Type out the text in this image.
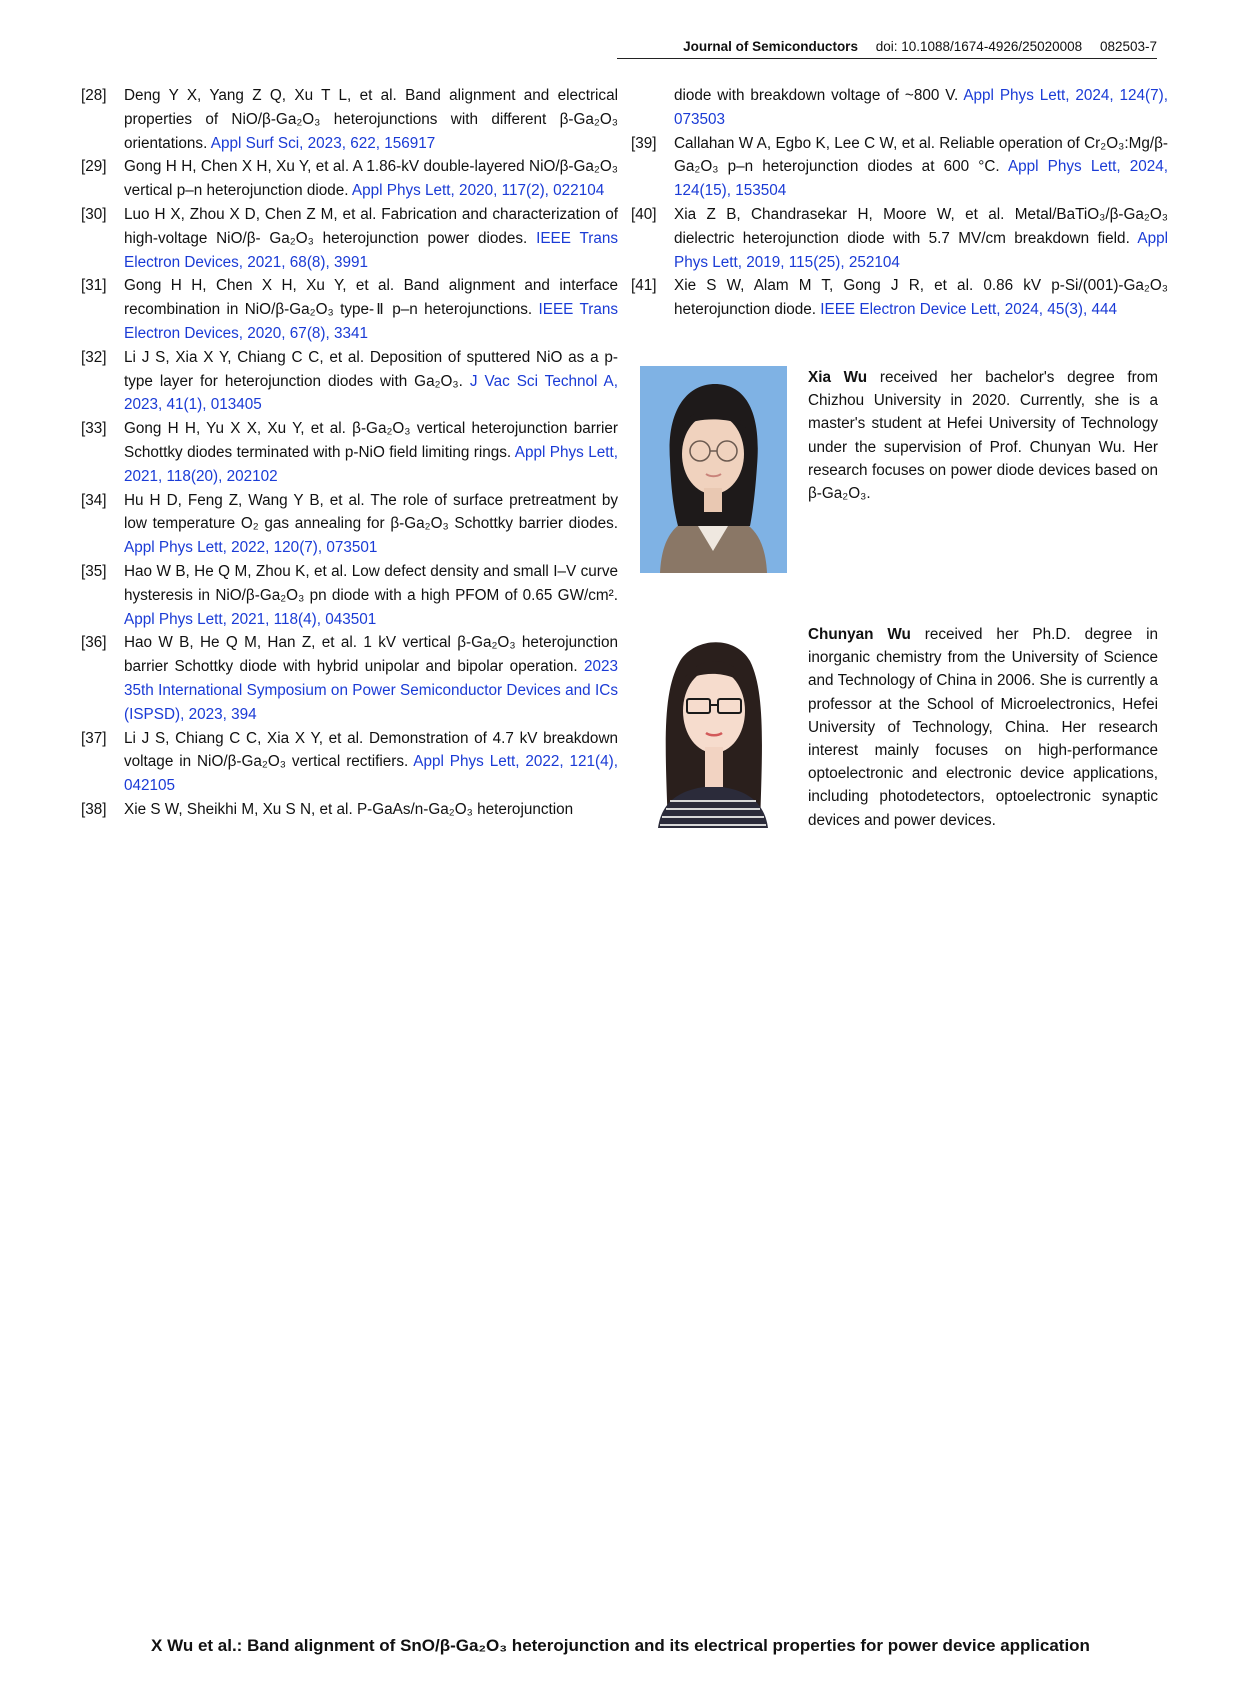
Journal of Semiconductors doi: 10.1088/1674-4926/25020008 082503-7
[28] Deng Y X, Yang Z Q, Xu T L, et al. Band alignment and electrical properties of NiO/β-Ga₂O₃ heterojunctions with different β-Ga₂O₃ orientations. Appl Surf Sci, 2023, 622, 156917
[29] Gong H H, Chen X H, Xu Y, et al. A 1.86-kV double-layered NiO/β-Ga₂O₃ vertical p–n heterojunction diode. Appl Phys Lett, 2020, 117(2), 022104
[30] Luo H X, Zhou X D, Chen Z M, et al. Fabrication and characterization of high-voltage NiO/β- Ga₂O₃ heterojunction power diodes. IEEE Trans Electron Devices, 2021, 68(8), 3991
[31] Gong H H, Chen X H, Xu Y, et al. Band alignment and interface recombination in NiO/β-Ga₂O₃ type-Ⅱ p–n heterojunctions. IEEE Trans Electron Devices, 2020, 67(8), 3341
[32] Li J S, Xia X Y, Chiang C C, et al. Deposition of sputtered NiO as a p-type layer for heterojunction diodes with Ga₂O₃. J Vac Sci Technol A, 2023, 41(1), 013405
[33] Gong H H, Yu X X, Xu Y, et al. β-Ga₂O₃ vertical heterojunction barrier Schottky diodes terminated with p-NiO field limiting rings. Appl Phys Lett, 2021, 118(20), 202102
[34] Hu H D, Feng Z, Wang Y B, et al. The role of surface pretreatment by low temperature O₂ gas annealing for β-Ga₂O₃ Schottky barrier diodes. Appl Phys Lett, 2022, 120(7), 073501
[35] Hao W B, He Q M, Zhou K, et al. Low defect density and small I–V curve hysteresis in NiO/β-Ga₂O₃ pn diode with a high PFOM of 0.65 GW/cm². Appl Phys Lett, 2021, 118(4), 043501
[36] Hao W B, He Q M, Han Z, et al. 1 kV vertical β-Ga₂O₃ heterojunction barrier Schottky diode with hybrid unipolar and bipolar operation. 2023 35th International Symposium on Power Semiconductor Devices and ICs (ISPSD), 2023, 394
[37] Li J S, Chiang C C, Xia X Y, et al. Demonstration of 4.7 kV breakdown voltage in NiO/β-Ga₂O₃ vertical rectifiers. Appl Phys Lett, 2022, 121(4), 042105
[38] Xie S W, Sheikhi M, Xu S N, et al. P-GaAs/n-Ga₂O₃ heterojunction
diode with breakdown voltage of ~800 V. Appl Phys Lett, 2024, 124(7), 073503
[39] Callahan W A, Egbo K, Lee C W, et al. Reliable operation of Cr₂O₃:Mg/β-Ga₂O₃ p–n heterojunction diodes at 600 °C. Appl Phys Lett, 2024, 124(15), 153504
[40] Xia Z B, Chandrasekar H, Moore W, et al. Metal/BaTiO₃/β-Ga₂O₃ dielectric heterojunction diode with 5.7 MV/cm breakdown field. Appl Phys Lett, 2019, 115(25), 252104
[41] Xie S W, Alam M T, Gong J R, et al. 0.86 kV p-Si/(001)-Ga₂O₃ heterojunction diode. IEEE Electron Device Lett, 2024, 45(3), 444
Xia Wu received her bachelor's degree from Chizhou University in 2020. Currently, she is a master's student at Hefei University of Technology under the supervision of Prof. Chunyan Wu. Her research focuses on power diode devices based on β-Ga₂O₃.
Chunyan Wu received her Ph.D. degree in inorganic chemistry from the University of Science and Technology of China in 2006. She is currently a professor at the School of Microelectronics, Hefei University of Technology, China. Her research interest mainly focuses on high-performance optoelectronic and electronic device applications, including photodetectors, optoelectronic synaptic devices and power devices.
X Wu et al.: Band alignment of SnO/β-Ga₂O₃ heterojunction and its electrical properties for power device application
